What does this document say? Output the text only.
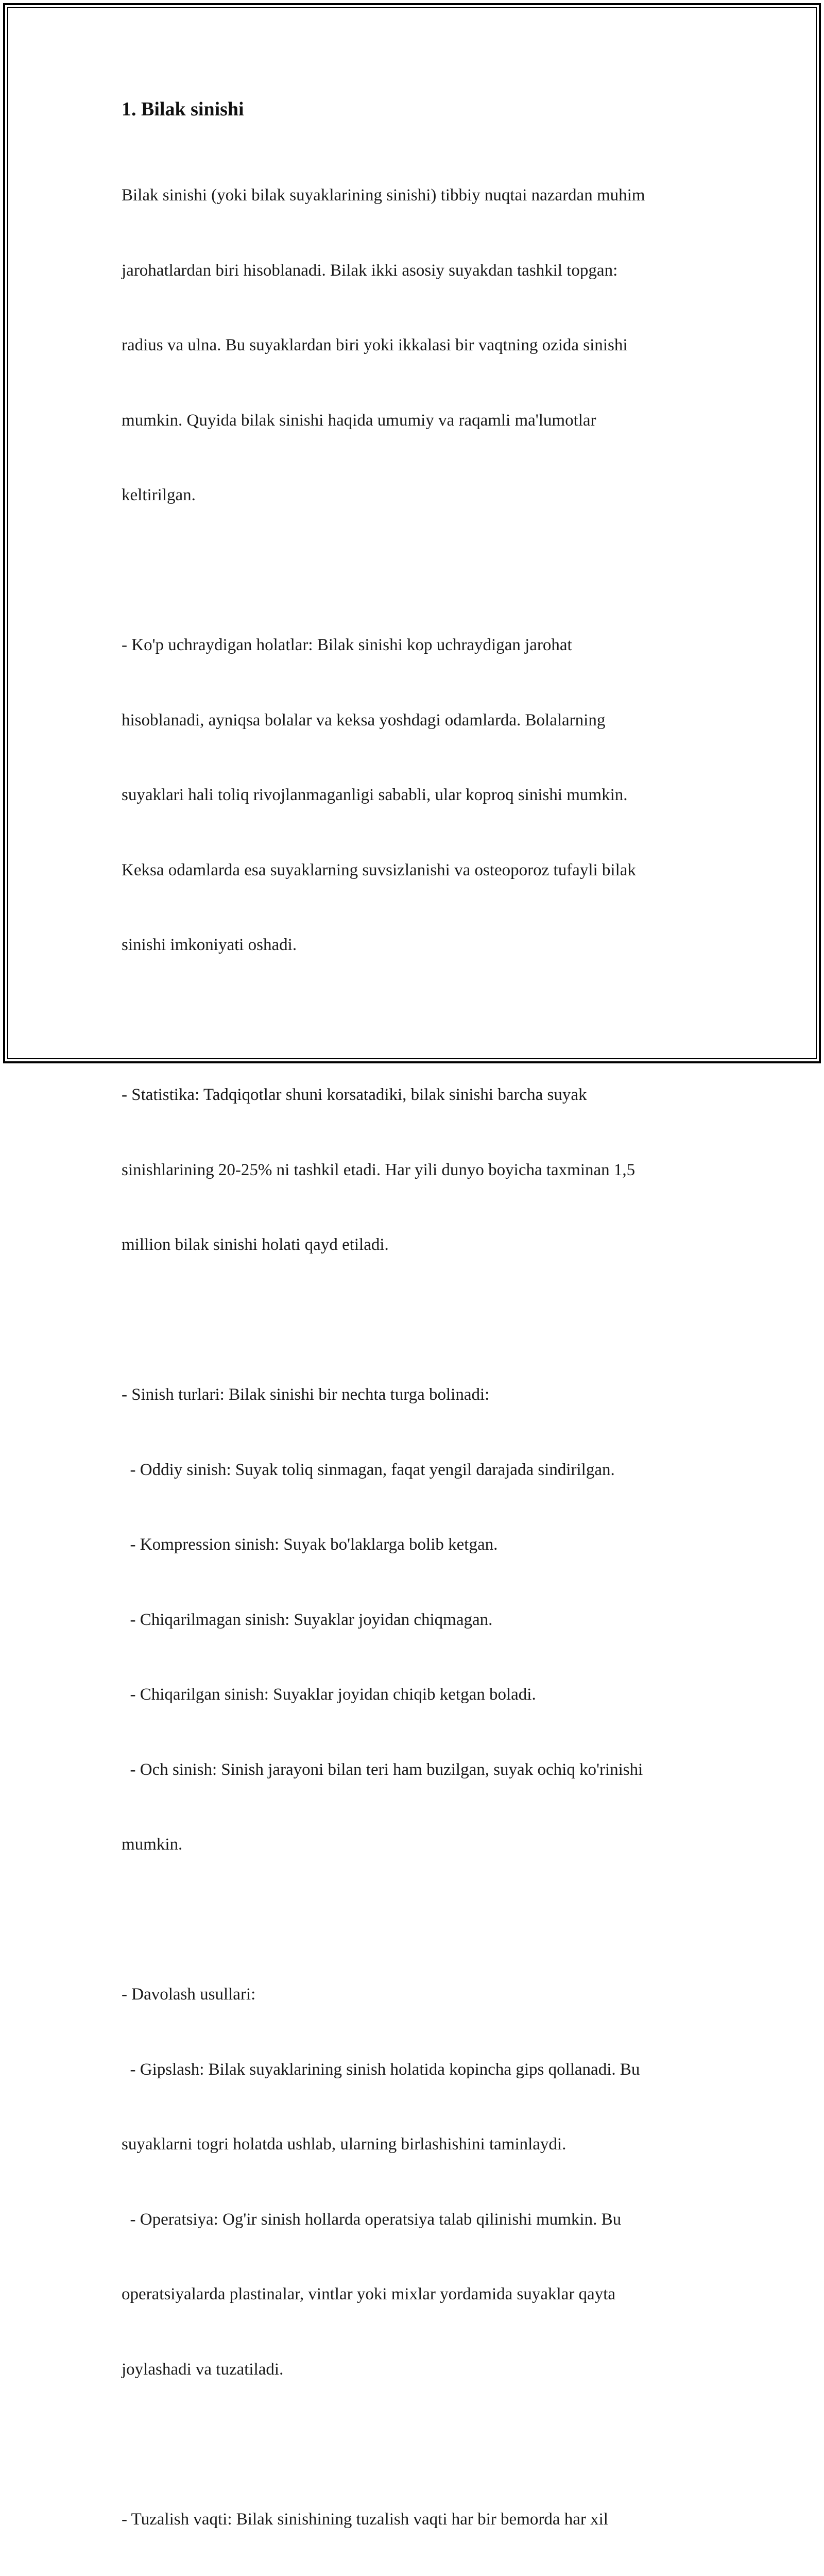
1. Bilak sinishi

Bilak sinishi (yoki bilak suyaklarining sinishi) tibbiy nuqtai nazardan muhim

jarohatlardan biri hisoblanadi. Bilak ikki asosiy suyakdan tashkil topgan:

radius va ulna. Bu suyaklardan biri yoki ikkalasi bir vaqtning ozida sinishi

mumkin. Quyida bilak sinishi haqida umumiy va raqamli ma'lumotlar

keltirilgan.

- Ko'p uchraydigan holatlar: Bilak sinishi kop uchraydigan jarohat

hisoblanadi, ayniqsa bolalar va keksa yoshdagi odamlarda. Bolalarning

suyaklari hali toliq rivojlanmaganligi sababli, ular koproq sinishi mumkin.

Keksa odamlarda esa suyaklarning suvsizlanishi va osteoporoz tufayli bilak

sinishi imkoniyati oshadi.

- Statistika: Tadqiqotlar shuni korsatadiki, bilak sinishi barcha suyak

sinishlarining 20-25% ni tashkil etadi. Har yili dunyo boyicha taxminan 1,5

million bilak sinishi holati qayd etiladi.

- Sinish turlari: Bilak sinishi bir nechta turga bolinadi:

- Oddiy sinish: Suyak toliq sinmagan, faqat yengil darajada sindirilgan.

- Kompression sinish: Suyak bo'laklarga bolib ketgan.

- Chiqarilmagan sinish: Suyaklar joyidan chiqmagan.

- Chiqarilgan sinish: Suyaklar joyidan chiqib ketgan boladi.

- Och sinish: Sinish jarayoni bilan teri ham buzilgan, suyak ochiq ko'rinishi

mumkin.

- Davolash usullari:

- Gipslash: Bilak suyaklarining sinish holatida kopincha gips qollanadi. Bu

suyaklarni togri holatda ushlab, ularning birlashishini taminlaydi.

- Operatsiya: Og'ir sinish hollarda operatsiya talab qilinishi mumkin. Bu

operatsiyalarda plastinalar, vintlar yoki mixlar yordamida suyaklar qayta

joylashadi va tuzatiladi.

- Tuzalish vaqti: Bilak sinishining tuzalish vaqti har bir bemorda har xil
